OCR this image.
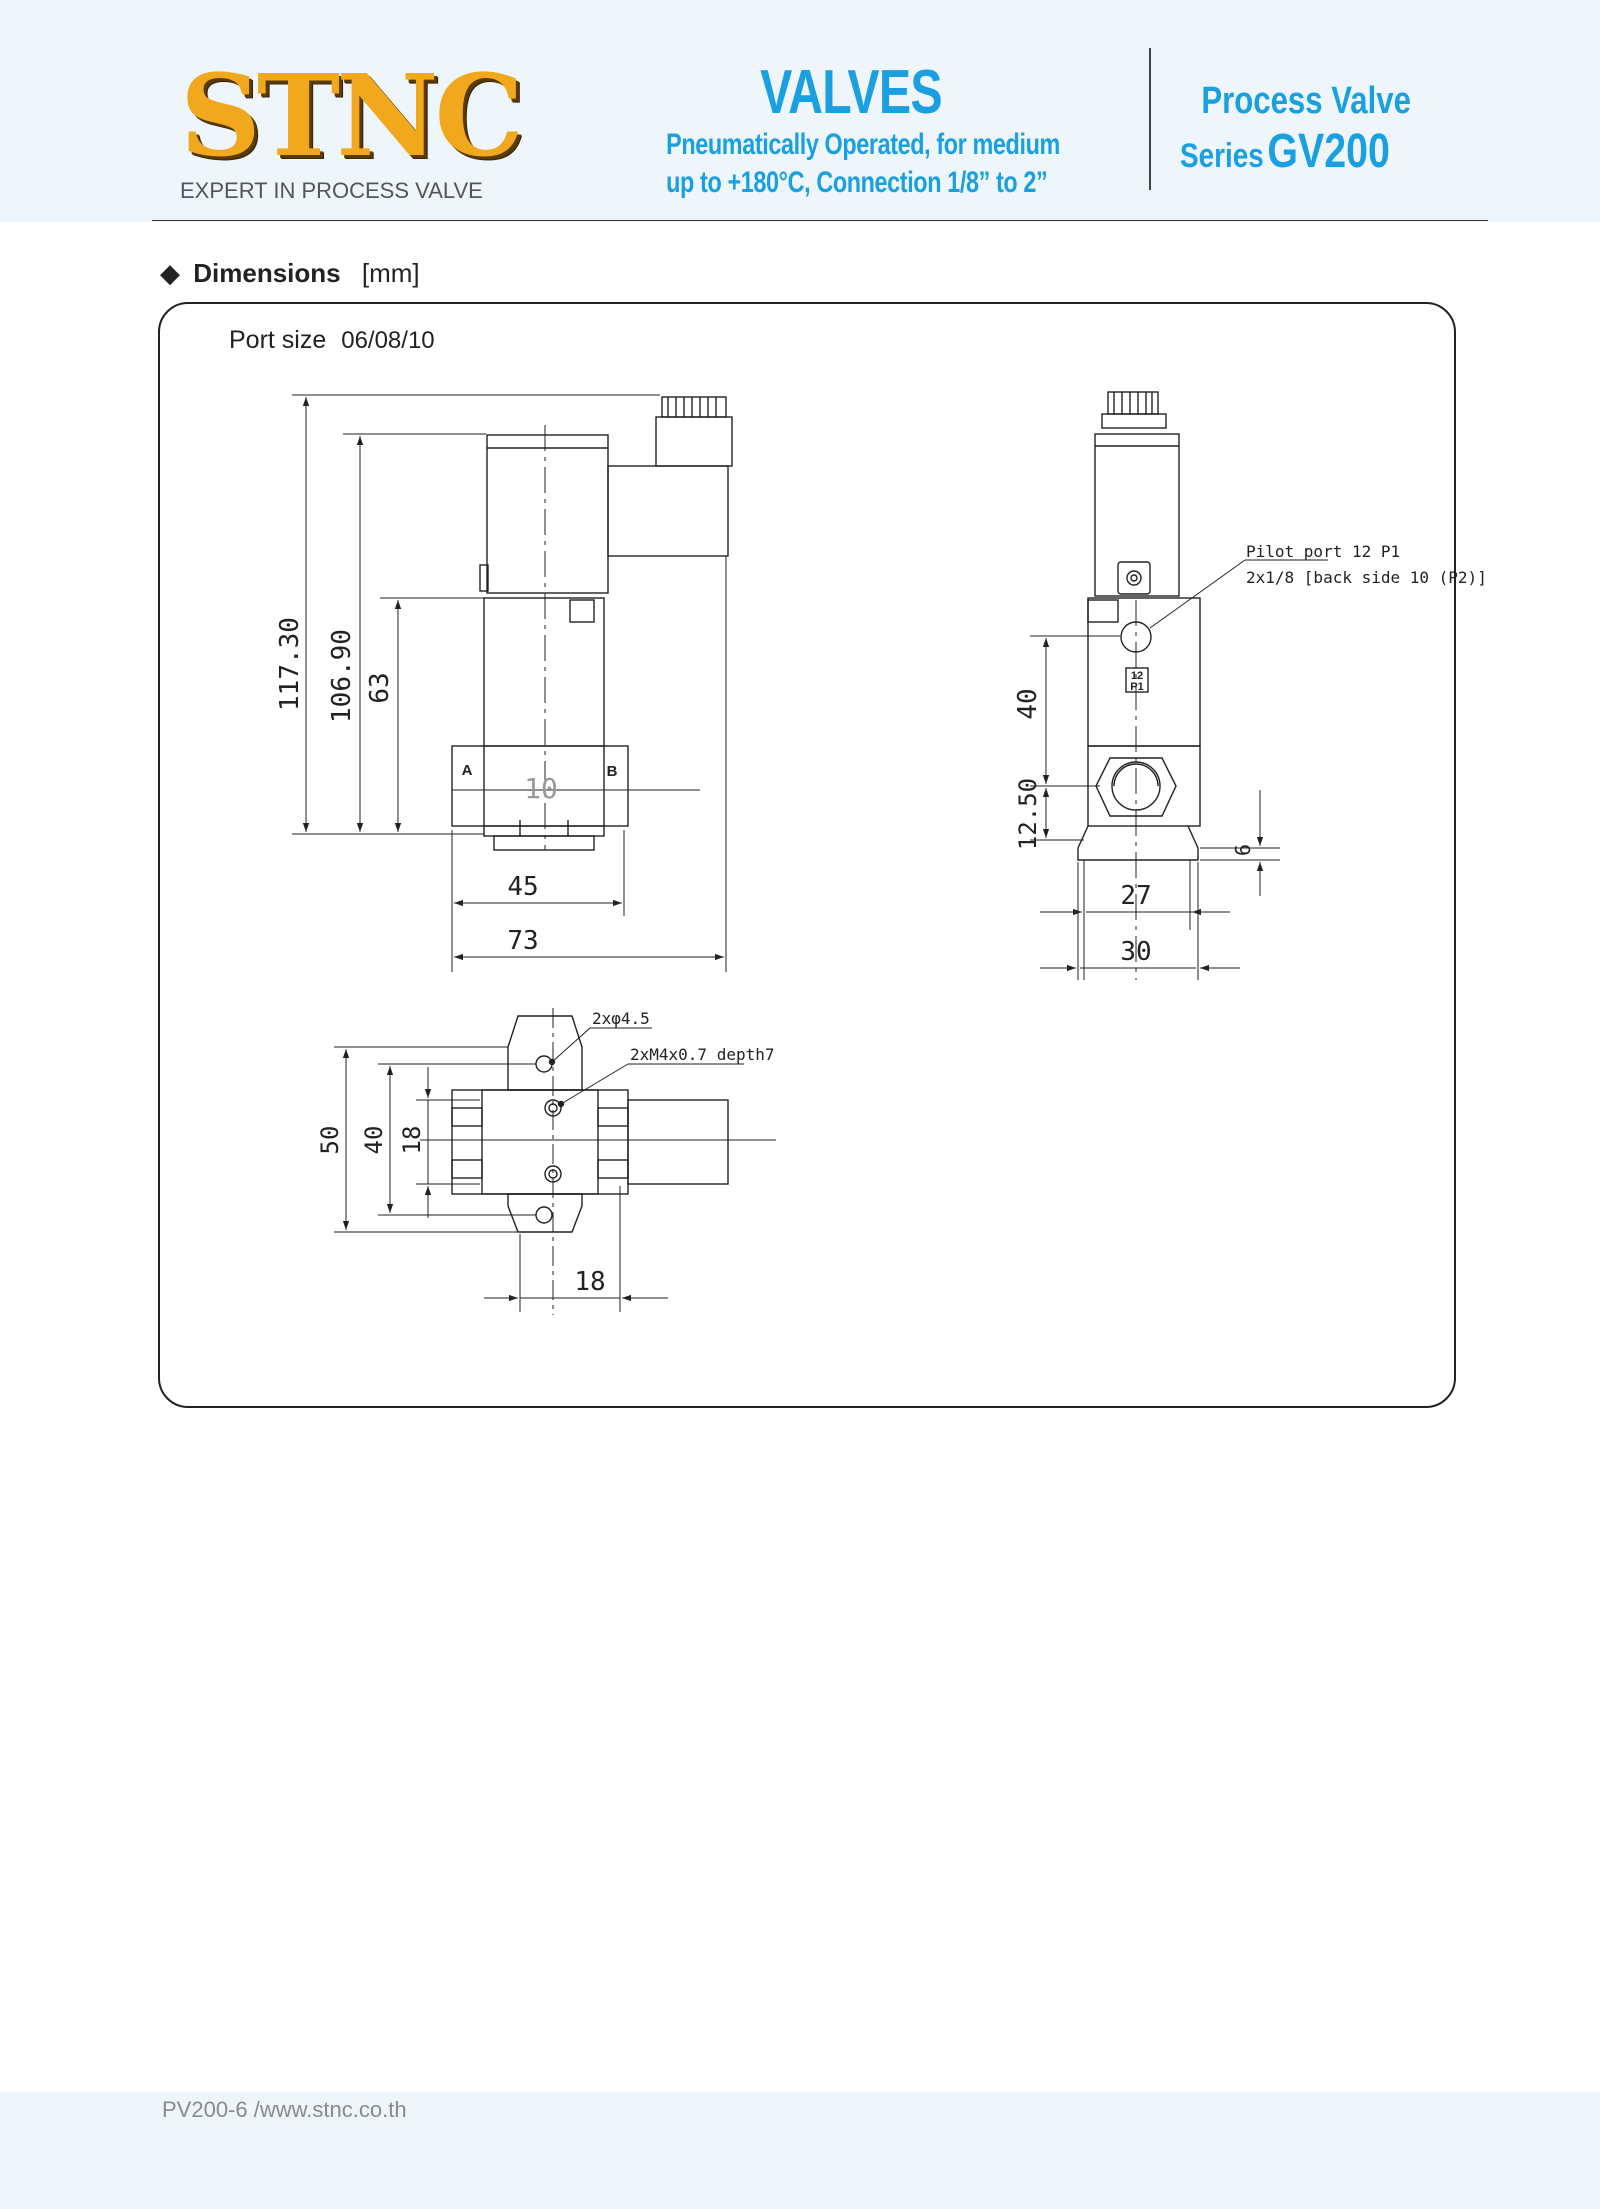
STNC
EXPERT IN PROCESS VALVE
VALVES
Pneumatically Operated, for medium
up to +180°C, Connection 1/8” to 2”
Process Valve
Series GV200
◆ Dimensions [mm]
Port size 06/08/10
117.30 106.90 63
45
73
10
A	B
Pilot port 12 P1
2x1/8 [back side 10 (P2)]
40
12.50	6
27
30
12
P1
2xφ4.5
2xM4x0.7 depth7
50 40 18
18
PV200-6 /www.stnc.co.th
